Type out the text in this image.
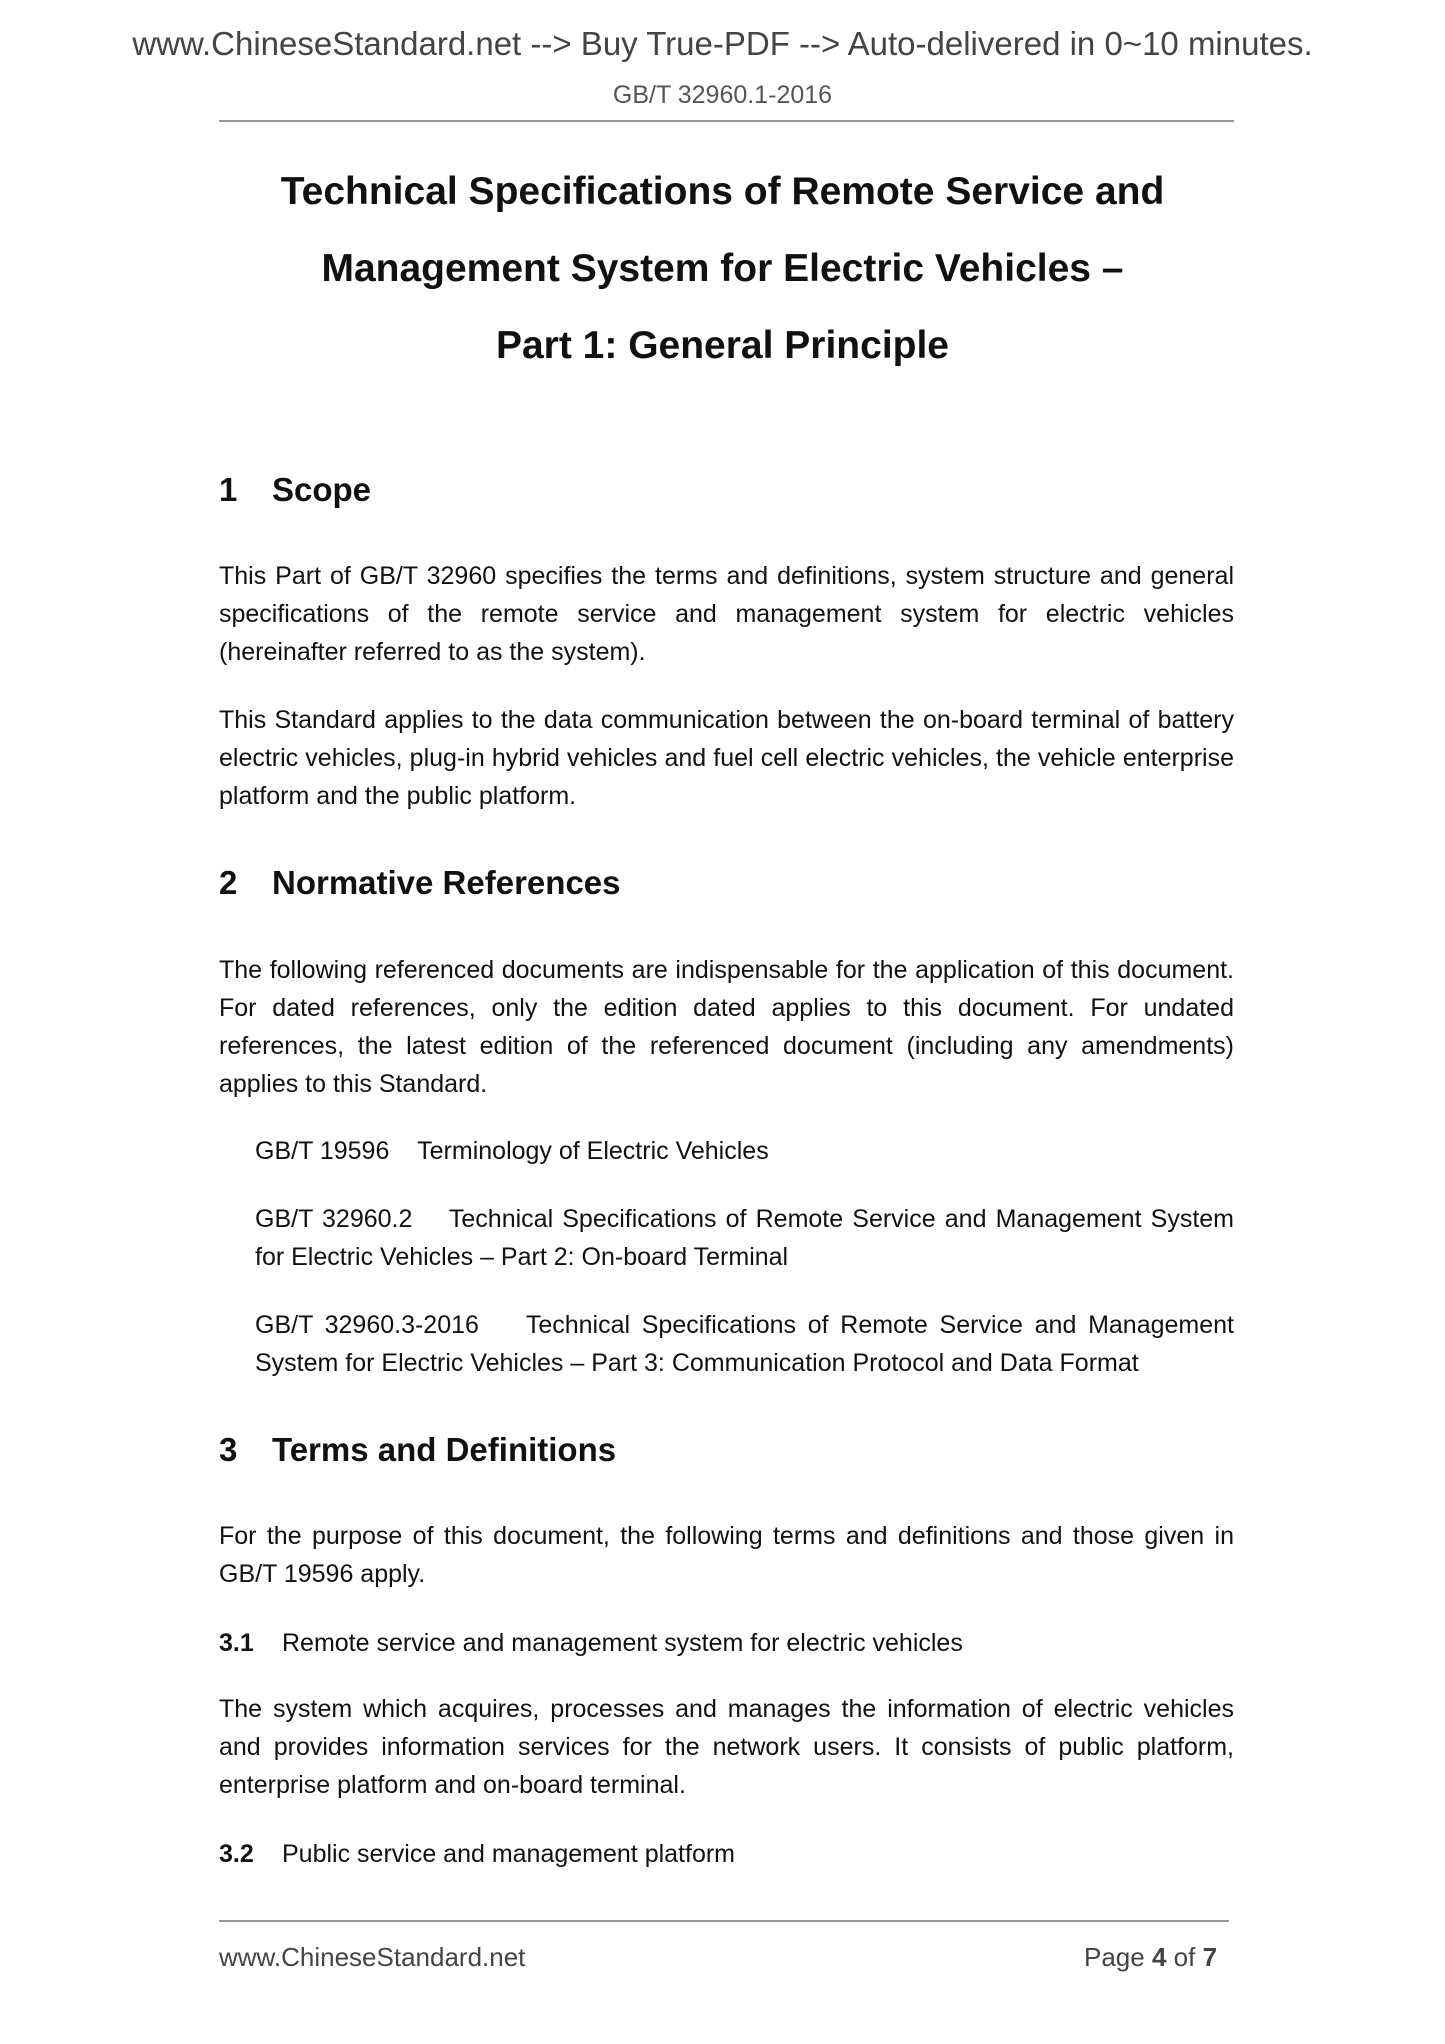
www.ChineseStandard.net --> Buy True-PDF --> Auto-delivered in 0~10 minutes.
GB/T 32960.1-2016
Technical Specifications of Remote Service and
Management System for Electric Vehicles –
Part 1: General Principle
1 Scope
This Part of GB/T 32960 specifies the terms and definitions, system structure and general specifications of the remote service and management system for electric vehicles (hereinafter referred to as the system).
This Standard applies to the data communication between the on-board terminal of battery electric vehicles, plug-in hybrid vehicles and fuel cell electric vehicles, the vehicle enterprise platform and the public platform.
2 Normative References
The following referenced documents are indispensable for the application of this document. For dated references, only the edition dated applies to this document. For undated references, the latest edition of the referenced document (including any amendments) applies to this Standard.
GB/T 19596 Terminology of Electric Vehicles
GB/T 32960.2 Technical Specifications of Remote Service and Management System for Electric Vehicles – Part 2: On-board Terminal
GB/T 32960.3-2016 Technical Specifications of Remote Service and Management System for Electric Vehicles – Part 3: Communication Protocol and Data Format
3 Terms and Definitions
For the purpose of this document, the following terms and definitions and those given in GB/T 19596 apply.
3.1 Remote service and management system for electric vehicles
The system which acquires, processes and manages the information of electric vehicles and provides information services for the network users. It consists of public platform, enterprise platform and on-board terminal.
3.2 Public service and management platform
www.ChineseStandard.net	Page 4 of 7
